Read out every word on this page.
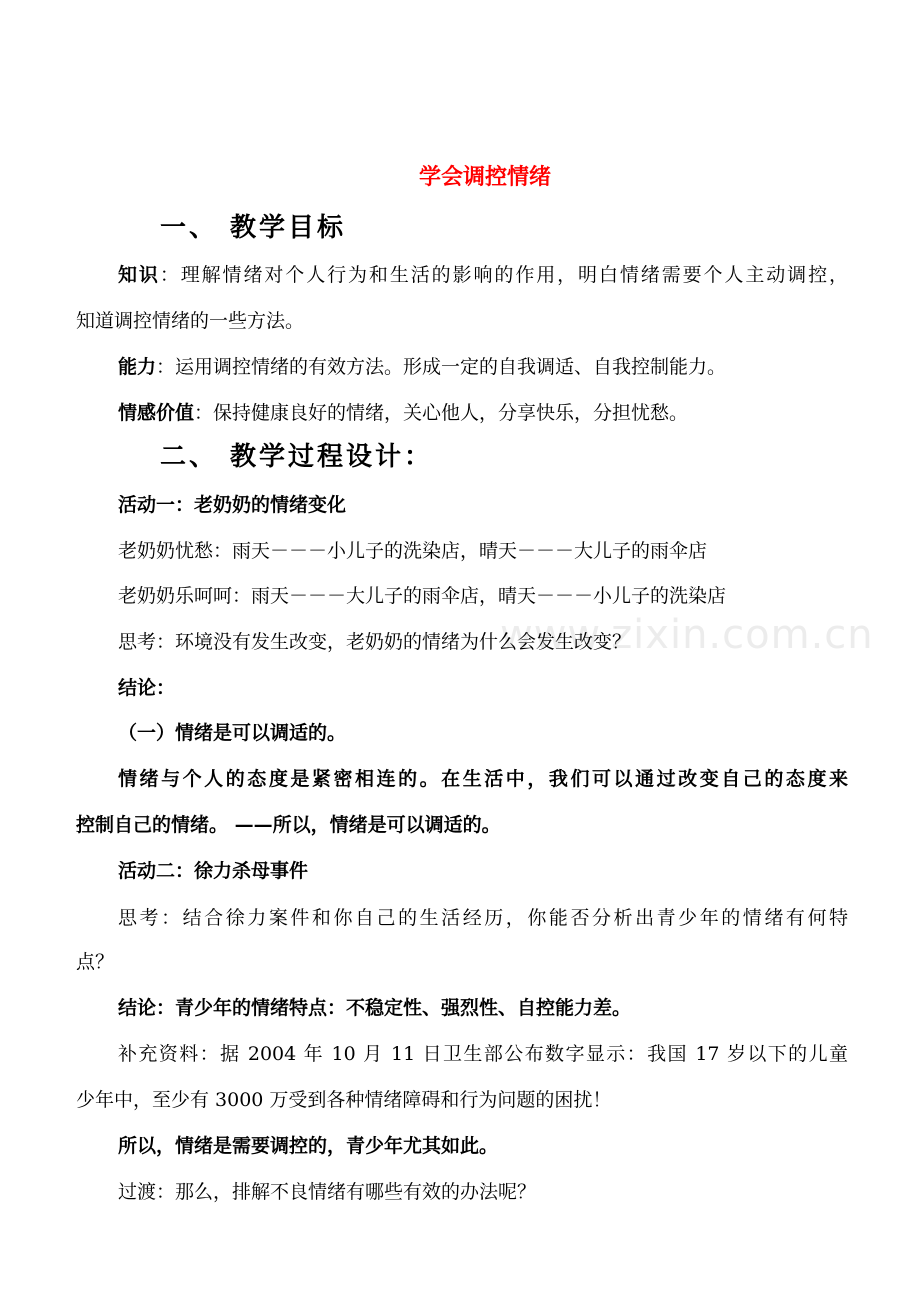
www.zixin.com.cn
学会调控情绪
一、 教学目标
知识：理解情绪对个人行为和生活的影响的作用，明白情绪需要个人主动调控，
知道调控情绪的一些方法。
能力：运用调控情绪的有效方法。形成一定的自我调适、自我控制能力。
情感价值：保持健康良好的情绪，关心他人，分享快乐，分担忧愁。
二、 教学过程设计：
活动一：老奶奶的情绪变化
老奶奶忧愁：雨天－－－小儿子的洗染店，晴天－－－大儿子的雨伞店
老奶奶乐呵呵：雨天－－－大儿子的雨伞店，晴天－－－小儿子的洗染店
思考：环境没有发生改变，老奶奶的情绪为什么会发生改变？
结论：
（一）情绪是可以调适的。
情绪与个人的态度是紧密相连的。在生活中，我们可以通过改变自己的态度来
控制自己的情绪。 ——所以，情绪是可以调适的。
活动二：徐力杀母事件
思考：结合徐力案件和你自己的生活经历，你能否分析出青少年的情绪有何特
点？
结论：青少年的情绪特点：不稳定性、强烈性、自控能力差。
补充资料：据 2004 年 10 月 11 日卫生部公布数字显示：我国 17 岁以下的儿童
少年中，至少有 3000 万受到各种情绪障碍和行为问题的困扰！
所以，情绪是需要调控的，青少年尤其如此。
过渡：那么，排解不良情绪有哪些有效的办法呢？
